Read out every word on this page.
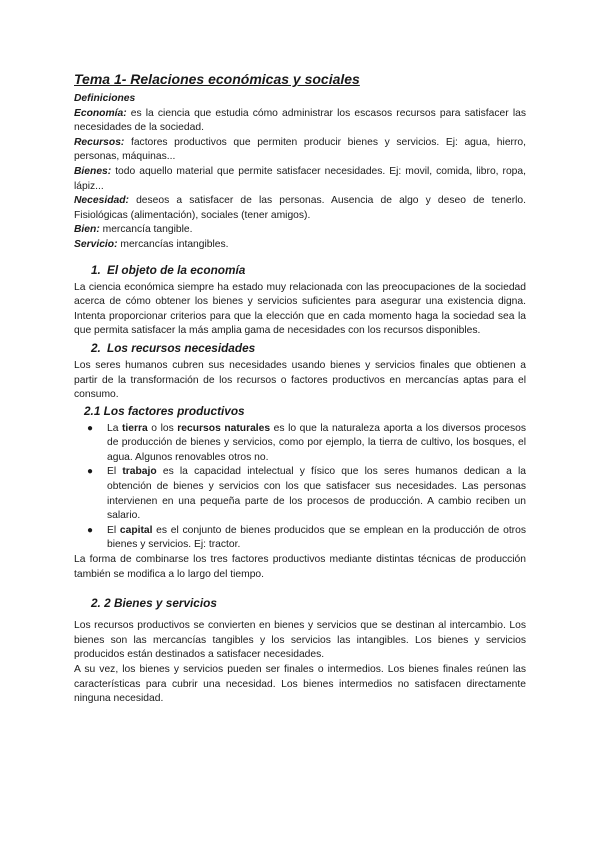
Tema 1- Relaciones económicas y sociales

Definiciones

Economía: es la ciencia que estudia cómo administrar los escasos recursos para satisfacer las necesidades de la sociedad.

Recursos: factores productivos que permiten producir bienes y servicios. Ej: agua, hierro, personas, máquinas...

Bienes: todo aquello material que permite satisfacer necesidades. Ej: movil, comida, libro, ropa, lápiz...

Necesidad: deseos a satisfacer de las personas. Ausencia de algo y deseo de tenerlo. Fisiológicas (alimentación), sociales (tener amigos).

Bien: mercancía tangible.

Servicio: mercancías intangibles.

1. El objeto de la economía

La ciencia económica siempre ha estado muy relacionada con las preocupaciones de la sociedad acerca de cómo obtener los bienes y servicios suficientes para asegurar una existencia digna. Intenta proporcionar criterios para que la elección que en cada momento haga la sociedad sea la que permita satisfacer la más amplia gama de necesidades con los recursos disponibles.

2. Los recursos necesidades

Los seres humanos cubren sus necesidades usando bienes y servicios finales que obtienen a partir de la transformación de los recursos o factores productivos en mercancías aptas para el consumo.

2.1 Los factores productivos
● La tierra o los recursos naturales es lo que la naturaleza aporta a los diversos procesos de producción de bienes y servicios, como por ejemplo, la tierra de cultivo, los bosques, el agua. Algunos renovables otros no.
● El trabajo es la capacidad intelectual y físico que los seres humanos dedican a la obtención de bienes y servicios con los que satisfacer sus necesidades. Las personas intervienen en una pequeña parte de los procesos de producción. A cambio reciben un salario.
● El capital es el conjunto de bienes producidos que se emplean en la producción de otros bienes y servicios. Ej: tractor.

La forma de combinarse los tres factores productivos mediante distintas técnicas de producción también se modifica a lo largo del tiempo.

2. 2 Bienes y servicios

Los recursos productivos se convierten en bienes y servicios que se destinan al intercambio. Los bienes son las mercancías tangibles y los servicios las intangibles. Los bienes y servicios producidos están destinados a satisfacer necesidades.

A su vez, los bienes y servicios pueden ser finales o intermedios. Los bienes finales reúnen las características para cubrir una necesidad. Los bienes intermedios no satisfacen directamente ninguna necesidad.
